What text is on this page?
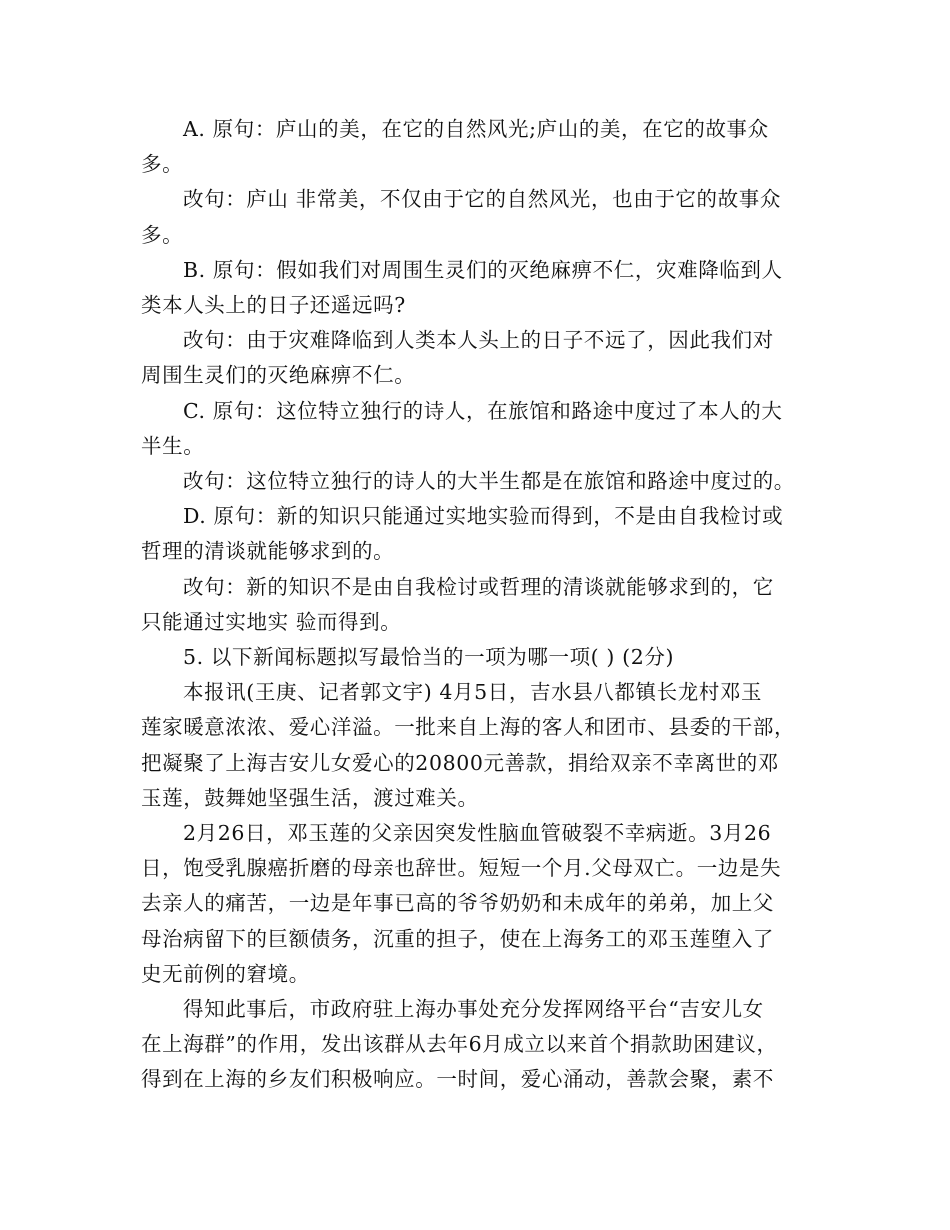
A. 原句：庐山的美，在它的自然风光;庐山的美，在它的故事众
多。

改句：庐山 非常美，不仅由于它的自然风光，也由于它的故事众
多。

B. 原句：假如我们对周围生灵们的灭绝麻痹不仁，灾难降临到人
类本人头上的日子还遥远吗?

改句：由于灾难降临到人类本人头上的日子不远了，因此我们对
周围生灵们的灭绝麻痹不仁。

C. 原句：这位特立独行的诗人，在旅馆和路途中度过了本人的大
半生。

改句：这位特立独行的诗人的大半生都是在旅馆和路途中度过的。

D. 原句：新的知识只能通过实地实验而得到，不是由自我检讨或
哲理的清谈就能够求到的。

改句：新的知识不是由自我检讨或哲理的清谈就能够求到的，它
只能通过实地实 验而得到。

5. 以下新闻标题拟写最恰当的一项为哪一项( ) (2分)

本报讯(王庚、记者郭文宇) 4月5日，吉水县八都镇长龙村邓玉
莲家暖意浓浓、爱心洋溢。一批来自上海的客人和团市、县委的干部，
把凝聚了上海吉安儿女爱心的20800元善款，捐给双亲不幸离世的邓
玉莲，鼓舞她坚强生活，渡过难关。

2月26日，邓玉莲的父亲因突发性脑血管破裂不幸病逝。3月26
日，饱受乳腺癌折磨的母亲也辞世。短短一个月.父母双亡。一边是失
去亲人的痛苦，一边是年事已高的爷爷奶奶和未成年的弟弟，加上父
母治病留下的巨额债务，沉重的担子，使在上海务工的邓玉莲堕入了
史无前例的窘境。

得知此事后，市政府驻上海办事处充分发挥网络平台“吉安儿女
在上海群”的作用，发出该群从去年6月成立以来首个捐款助困建议，
得到在上海的乡友们积极响应。一时间，爱心涌动，善款会聚，素不
